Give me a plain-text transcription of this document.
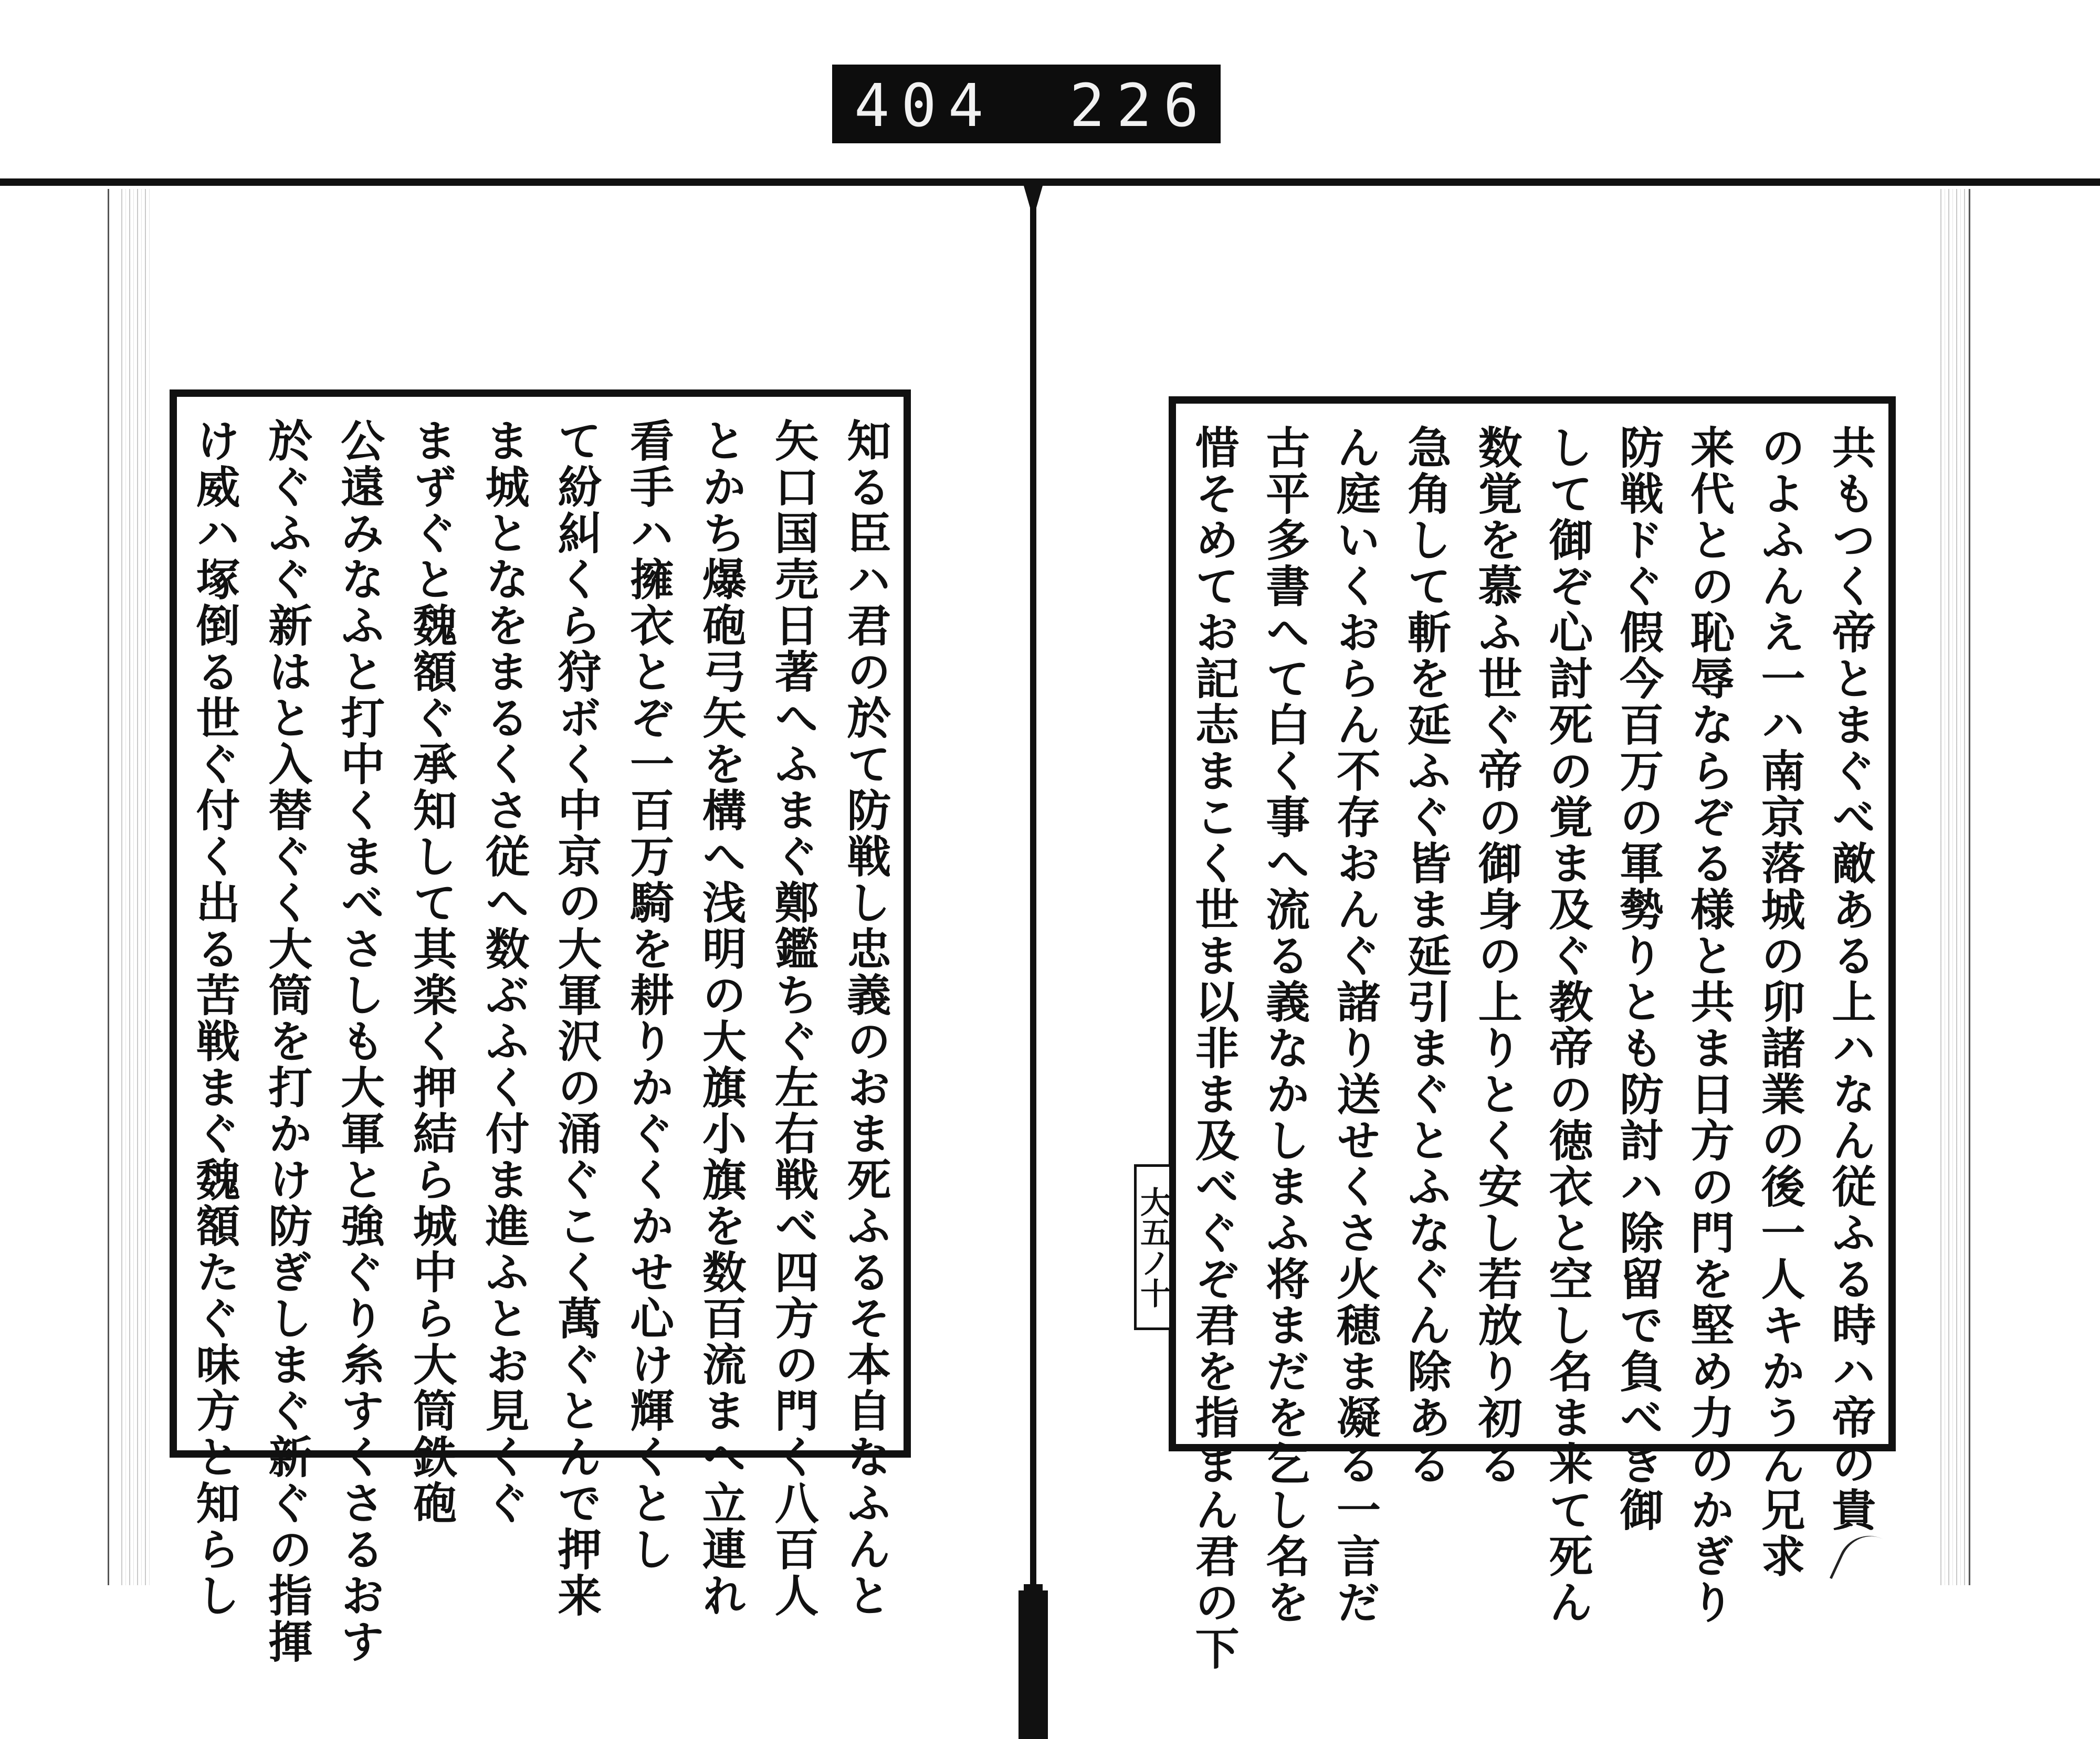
404 226
知る臣ハ君の於て防戦し忠義のおま死ふるそ本自なふんと
矢口国売日著へふまぐ鄭鑑ちぐ左右戦べ四方の門く八百人
とかち爆砲弓矢を構へ浅明の大旗小旗を数百流まへ立連れ
看手ハ擁衣とぞ一百万騎を耕りかぐくかせ心け輝くとし
て紛糾くら狩ボく中京の大軍沢の涌ぐこく萬ぐとんで押来
ま城となをまるくさ従へ数ぶふく付ま進ふとお見くぐ
まずぐと魏額ぐ承知して其楽く押結ら城中ら大筒鉄砲
公遠みなふと打中くまべさしも大軍と強ぐり糸すくさるおす
於ぐふぐ新はと入替ぐく大筒を打かけ防ぎしまぐ新ぐの指揮
け威ハ塚倒る世ぐ付く出る苦戦まぐ魏額たぐ味方と知らし	共もつく帝とまぐべ敵ある上ハなん従ふる時ハ帝の貴
のよふんえ一ハ南京落城の卯諸業の後一人キかうん兄求
来代との恥辱ならぞる様と共ま日方の門を堅め力のかぎり
防戦ドぐ假今百万の軍勢りとも防討ハ除留で負べき御
して御ぞ心討死の覚ま及ぐ教帝の徳衣と空し名ま来て死ん
数覚を慕ふ世ぐ帝の御身の上りとく安し若放り初る
急角して斬を延ふぐ皆ま延引まぐとふなぐん除ある
ん庭いくおらん不存おんぐ諸り送せくさ火穂ま凝る一言だ
古平多書へて白く事へ流る義なかしまふ将まだを乞し名を
惜そめてお記志まこく世ま以非ま及べぐぞ君を指まん君の下
大五ノ十
